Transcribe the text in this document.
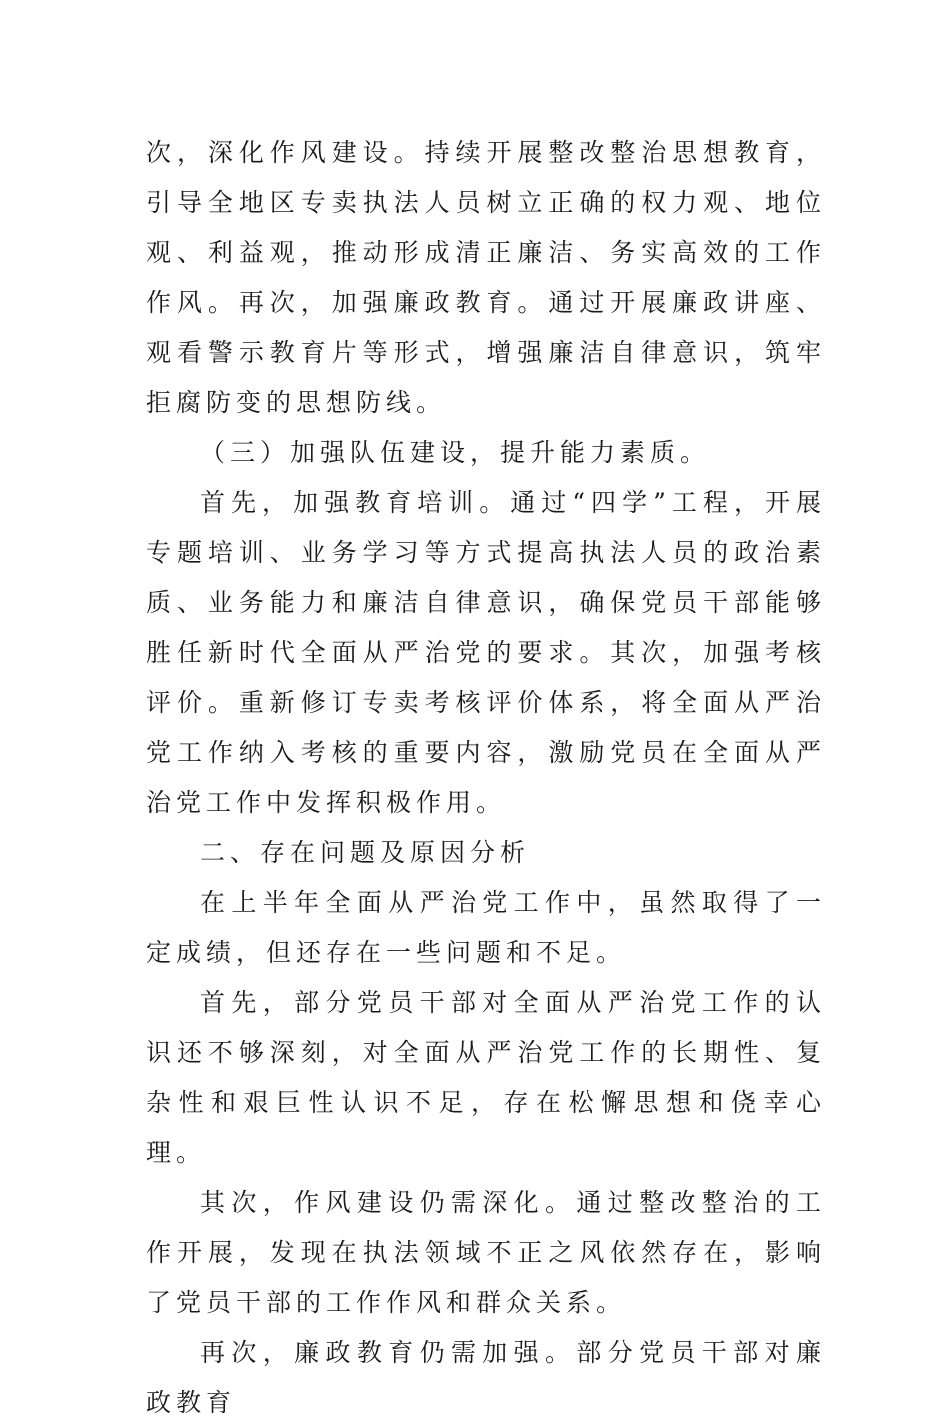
次，深化作风建设。持续开展整改整治思想教育，引导全地区专卖执法人员树立正确的权力观、地位观、利益观，推动形成清正廉洁、务实高效的工作作风。再次，加强廉政教育。通过开展廉政讲座、观看警示教育片等形式，增强廉洁自律意识，筑牢拒腐防变的思想防线。

（三）加强队伍建设，提升能力素质。

首先，加强教育培训。通过“四学”工程，开展专题培训、业务学习等方式提高执法人员的政治素质、业务能力和廉洁自律意识，确保党员干部能够胜任新时代全面从严治党的要求。其次，加强考核评价。重新修订专卖考核评价体系，将全面从严治党工作纳入考核的重要内容，激励党员在全面从严治党工作中发挥积极作用。

二、存在问题及原因分析

在上半年全面从严治党工作中，虽然取得了一定成绩，但还存在一些问题和不足。

首先，部分党员干部对全面从严治党工作的认识还不够深刻，对全面从严治党工作的长期性、复杂性和艰巨性认识不足，存在松懈思想和侥幸心理。

其次，作风建设仍需深化。通过整改整治的工作开展，发现在执法领域不正之风依然存在，影响了党员干部的工作作风和群众关系。

再次，廉政教育仍需加强。部分党员干部对廉政教育
